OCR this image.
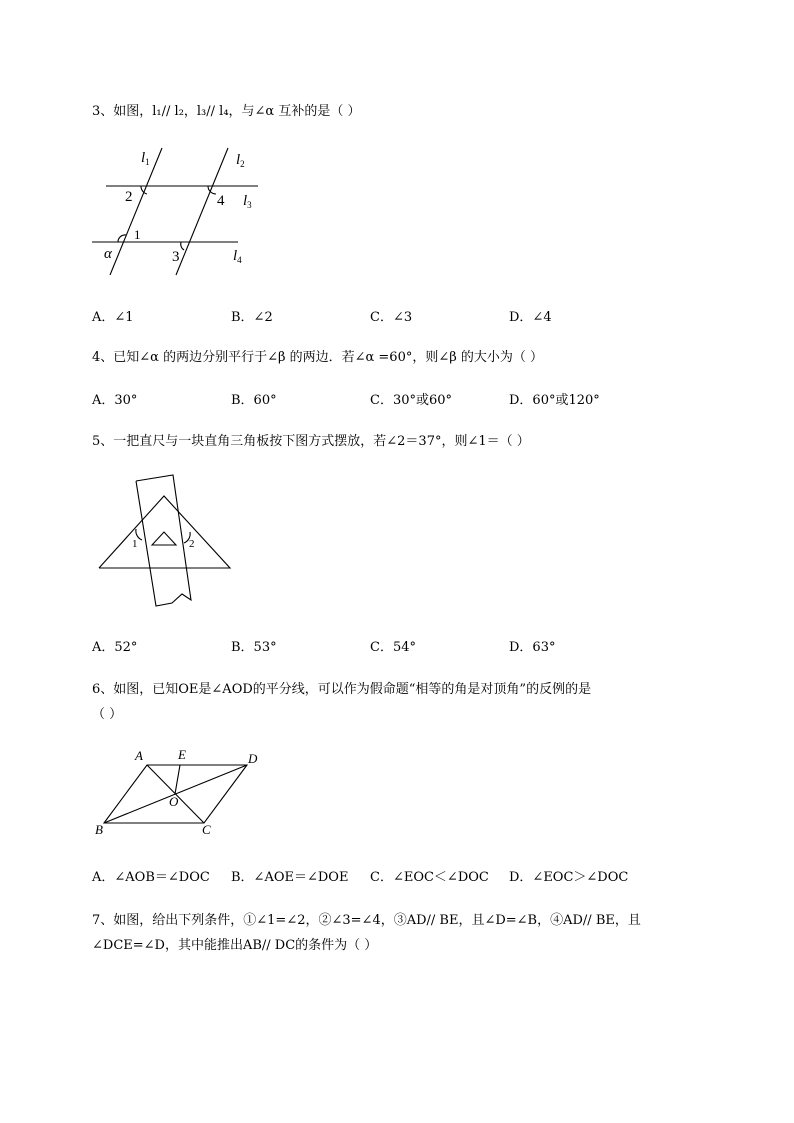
3、如图，l₁// l₂，l₃// l₄，与∠α 互补的是（ ）
$l_1$	$l_2$
$l_3$
$l_4$
2	4
1
3
α
A．∠1	B．∠2	C．∠3	D．∠4
4、已知∠α 的两边分别平行于∠β 的两边．若∠α =60°，则∠β 的大小为（ ）
A．30°	B．60°	C．30°或60°	D．60°或120°
5、一把直尺与一块直角三角板按下图方式摆放，若∠2＝37°，则∠1＝（ ）
1	2
A．52°	B．53°	C．54°	D．63°
6、如图，已知OE是∠AOD的平分线，可以作为假命题“相等的角是对顶角”的反例的是
（ ）
A	E	D
O
B	C
A．∠AOB＝∠DOC B．∠AOE＝∠DOE C．∠EOC＜∠DOC D．∠EOC＞∠DOC
7、如图，给出下列条件，①∠1=∠2，②∠3=∠4，③AD// BE，且∠D=∠B，④AD// BE，且
∠DCE=∠D，其中能推出AB// DC的条件为（ ）
